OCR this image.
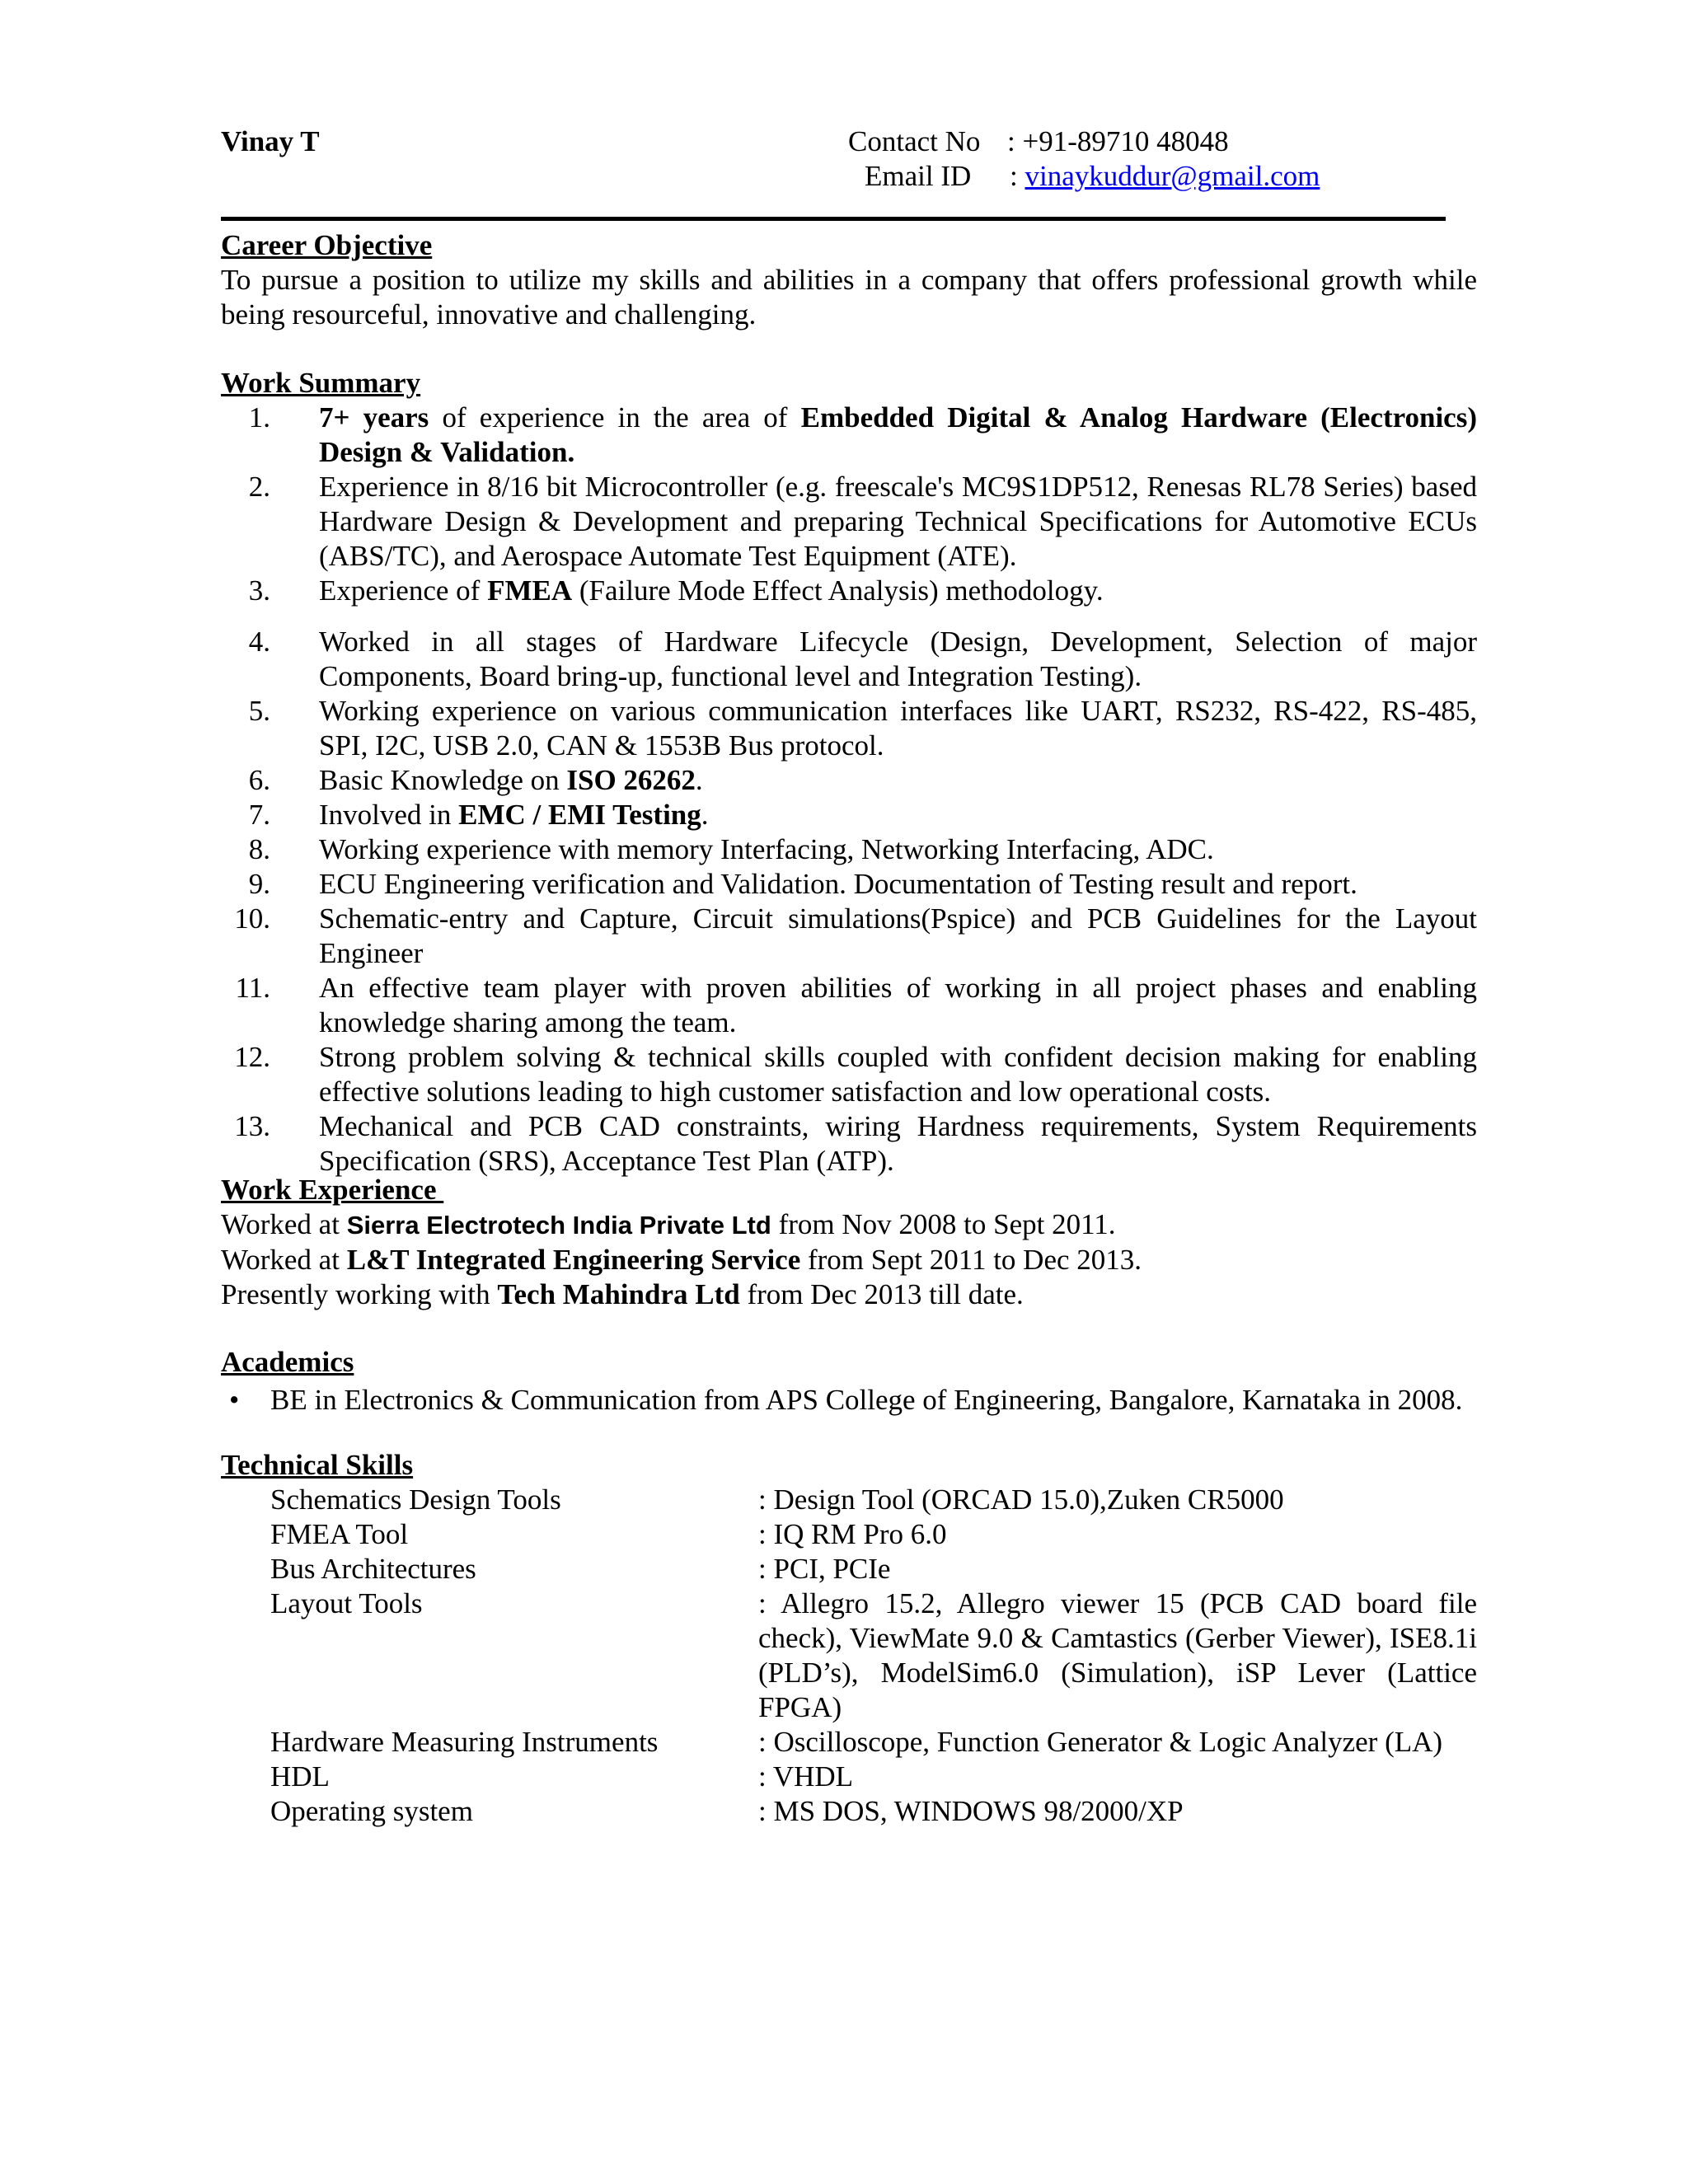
Vinay T	Contact No : +91-89710 48048
Email ID : vinaykuddur@gmail.com
Career Objective

To pursue a position to utilize my skills and abilities in a company that offers professional growth while being resourceful, innovative and challenging.

Work Summary
1. 7+ years of experience in the area of Embedded Digital & Analog Hardware (Electronics) Design & Validation.
2. Experience in 8/16 bit Microcontroller (e.g. freescale's MC9S1DP512, Renesas RL78 Series) based Hardware Design & Development and preparing Technical Specifications for Automotive ECUs (ABS/TC), and Aerospace Automate Test Equipment (ATE).
3. Experience of FMEA (Failure Mode Effect Analysis) methodology.
4. Worked in all stages of Hardware Lifecycle (Design, Development, Selection of major Components, Board bring-up, functional level and Integration Testing).
5. Working experience on various communication interfaces like UART, RS232, RS-422, RS-485, SPI, I2C, USB 2.0, CAN & 1553B Bus protocol.
6. Basic Knowledge on ISO 26262.
7. Involved in EMC / EMI Testing.
8. Working experience with memory Interfacing, Networking Interfacing, ADC.
9. ECU Engineering verification and Validation. Documentation of Testing result and report.
10. Schematic-entry and Capture, Circuit simulations(Pspice) and PCB Guidelines for the Layout Engineer
11. An effective team player with proven abilities of working in all project phases and enabling knowledge sharing among the team.
12. Strong problem solving & technical skills coupled with confident decision making for enabling effective solutions leading to high customer satisfaction and low operational costs.
13. Mechanical and PCB CAD constraints, wiring Hardness requirements, System Requirements Specification (SRS), Acceptance Test Plan (ATP).
Work Experience
Worked at Sierra Electrotech India Private Ltd from Nov 2008 to Sept 2011.
Worked at L&T Integrated Engineering Service from Sept 2011 to Dec 2013.
Presently working with Tech Mahindra Ltd from Dec 2013 till date.
Academics
• BE in Electronics & Communication from APS College of Engineering, Bangalore, Karnataka in 2008.
Technical Skills
Schematics Design Tools	: Design Tool (ORCAD 15.0),Zuken CR5000
FMEA Tool	: IQ RM Pro 6.0
Bus Architectures	: PCI, PCIe
Layout Tools	: Allegro 15.2, Allegro viewer 15 (PCB CAD board file check), ViewMate 9.0 & Camtastics (Gerber Viewer), ISE8.1i (PLD’s), ModelSim6.0 (Simulation), iSP Lever (Lattice FPGA)
Hardware Measuring Instruments	: Oscilloscope, Function Generator & Logic Analyzer (LA)
HDL	: VHDL
Operating system	: MS DOS, WINDOWS 98/2000/XP
